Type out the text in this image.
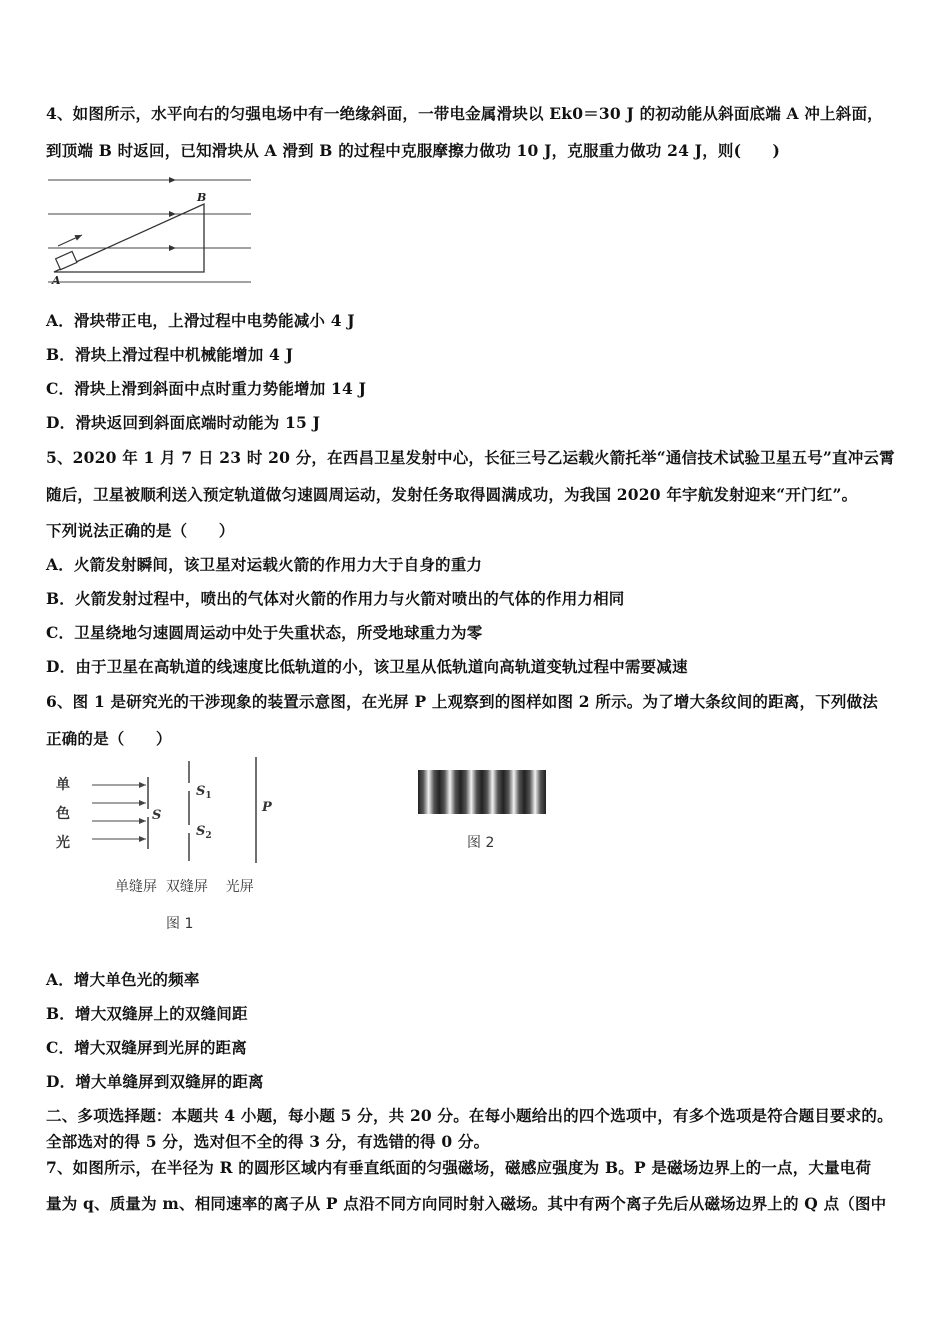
4、如图所示，水平向右的匀强电场中有一绝缘斜面，一带电金属滑块以 Ek0＝30 J 的初动能从斜面底端 A 冲上斜面，
到顶端 B 时返回，已知滑块从 A 滑到 B 的过程中克服摩擦力做功 10 J，克服重力做功 24 J，则(　　)
A
B
A．滑块带正电，上滑过程中电势能减小 4 J
B．滑块上滑过程中机械能增加 4 J
C．滑块上滑到斜面中点时重力势能增加 14 J
D．滑块返回到斜面底端时动能为 15 J
5、2020 年 1 月 7 日 23 时 20 分，在西昌卫星发射中心，长征三号乙运载火箭托举“通信技术试验卫星五号”直冲云霄
随后，卫星被顺利送入预定轨道做匀速圆周运动，发射任务取得圆满成功，为我国 2020 年宇航发射迎来“开门红”。
下列说法正确的是（　　）
A．火箭发射瞬间，该卫星对运载火箭的作用力大于自身的重力
B．火箭发射过程中，喷出的气体对火箭的作用力与火箭对喷出的气体的作用力相同
C．卫星绕地匀速圆周运动中处于失重状态，所受地球重力为零
D．由于卫星在高轨道的线速度比低轨道的小，该卫星从低轨道向高轨道变轨过程中需要减速
6、图 1 是研究光的干涉现象的装置示意图，在光屏 P 上观察到的图样如图 2 所示。为了增大条纹间的距离，下列做法
正确的是（　　）
单
色
光
S
$S_1$
$S_2$
P
单缝屏  双缝屏    光屏
图 1
图 2
A．增大单色光的频率
B．增大双缝屏上的双缝间距
C．增大双缝屏到光屏的距离
D．增大单缝屏到双缝屏的距离
二、多项选择题：本题共 4 小题，每小题 5 分，共 20 分。在每小题给出的四个选项中，有多个选项是符合题目要求的。
全部选对的得 5 分，选对但不全的得 3 分，有选错的得 0 分。
7、如图所示，在半径为 R 的圆形区域内有垂直纸面的匀强磁场，磁感应强度为 B。P 是磁场边界上的一点，大量电荷
量为 q、质量为 m、相同速率的离子从 P 点沿不同方向同时射入磁场。其中有两个离子先后从磁场边界上的 Q 点（图中
